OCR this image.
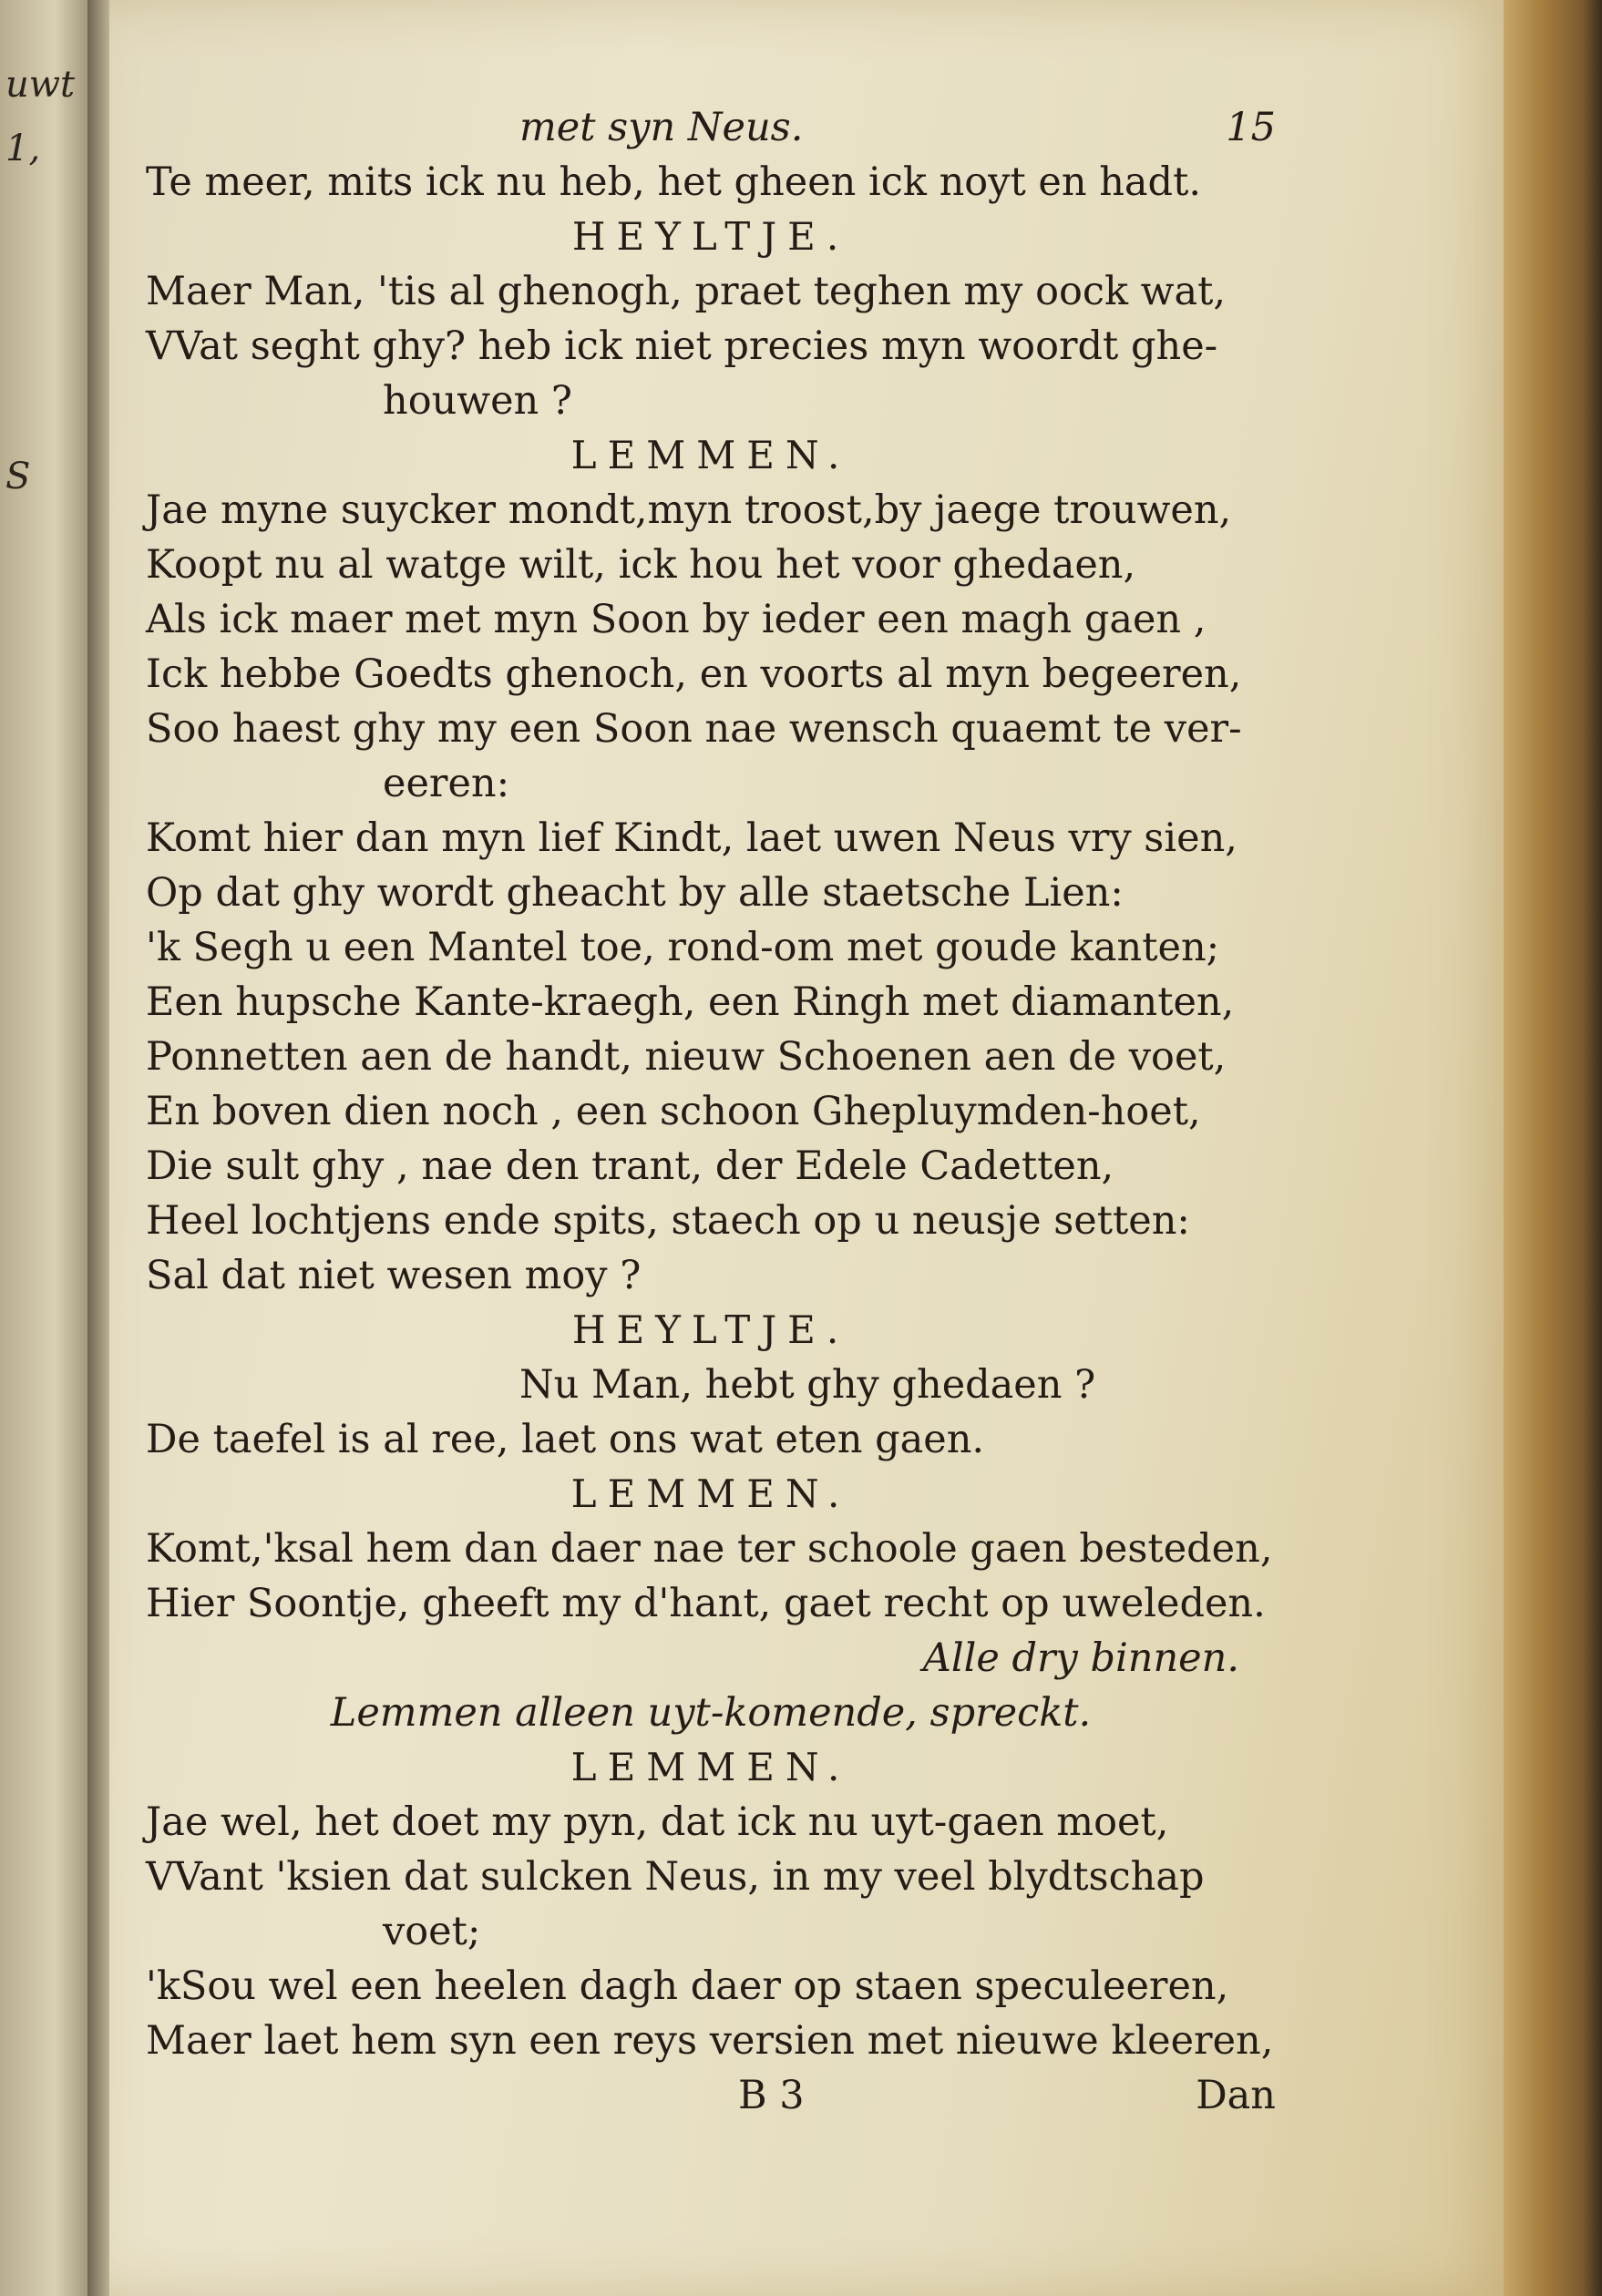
uwt
1,
S
met syn Neus.	15
Te meer, mits ick nu heb, het gheen ick noyt en hadt.
HEYLTJE.
Maer Man, 'tis al ghenogh, praet teghen my oock wat,
VVat seght ghy? heb ick niet precies myn woordt ghe-
houwen ?
LEMMEN.
Jae myne suycker mondt,myn troost,by jaege trouwen,
Koopt nu al watge wilt, ick hou het voor ghedaen,
Als ick maer met myn Soon by ieder een magh gaen ,
Ick hebbe Goedts ghenoch, en voorts al myn begeeren,
Soo haest ghy my een Soon nae wensch quaemt te ver-
eeren:
Komt hier dan myn lief Kindt, laet uwen Neus vry sien,
Op dat ghy wordt gheacht by alle staetsche Lien:
'k Segh u een Mantel toe, rond-om met goude kanten;
Een hupsche Kante-kraegh, een Ringh met diamanten,
Ponnetten aen de handt, nieuw Schoenen aen de voet,
En boven dien noch , een schoon Ghepluymden-hoet,
Die sult ghy , nae den trant, der Edele Cadetten,
Heel lochtjens ende spits, staech op u neusje setten:
Sal dat niet wesen moy ?
HEYLTJE.
Nu Man, hebt ghy ghedaen ?
De taefel is al ree, laet ons wat eten gaen.
LEMMEN.
Komt,'ksal hem dan daer nae ter schoole gaen besteden,
Hier Soontje, gheeft my d'hant, gaet recht op uweleden.
Alle dry binnen.
Lemmen alleen uyt-komende, spreckt.
LEMMEN.
Jae wel, het doet my pyn, dat ick nu uyt-gaen moet,
VVant 'ksien dat sulcken Neus, in my veel blydtschap
voet;
'kSou wel een heelen dagh daer op staen speculeeren,
Maer laet hem syn een reys versien met nieuwe kleeren,
B 3	Dan
